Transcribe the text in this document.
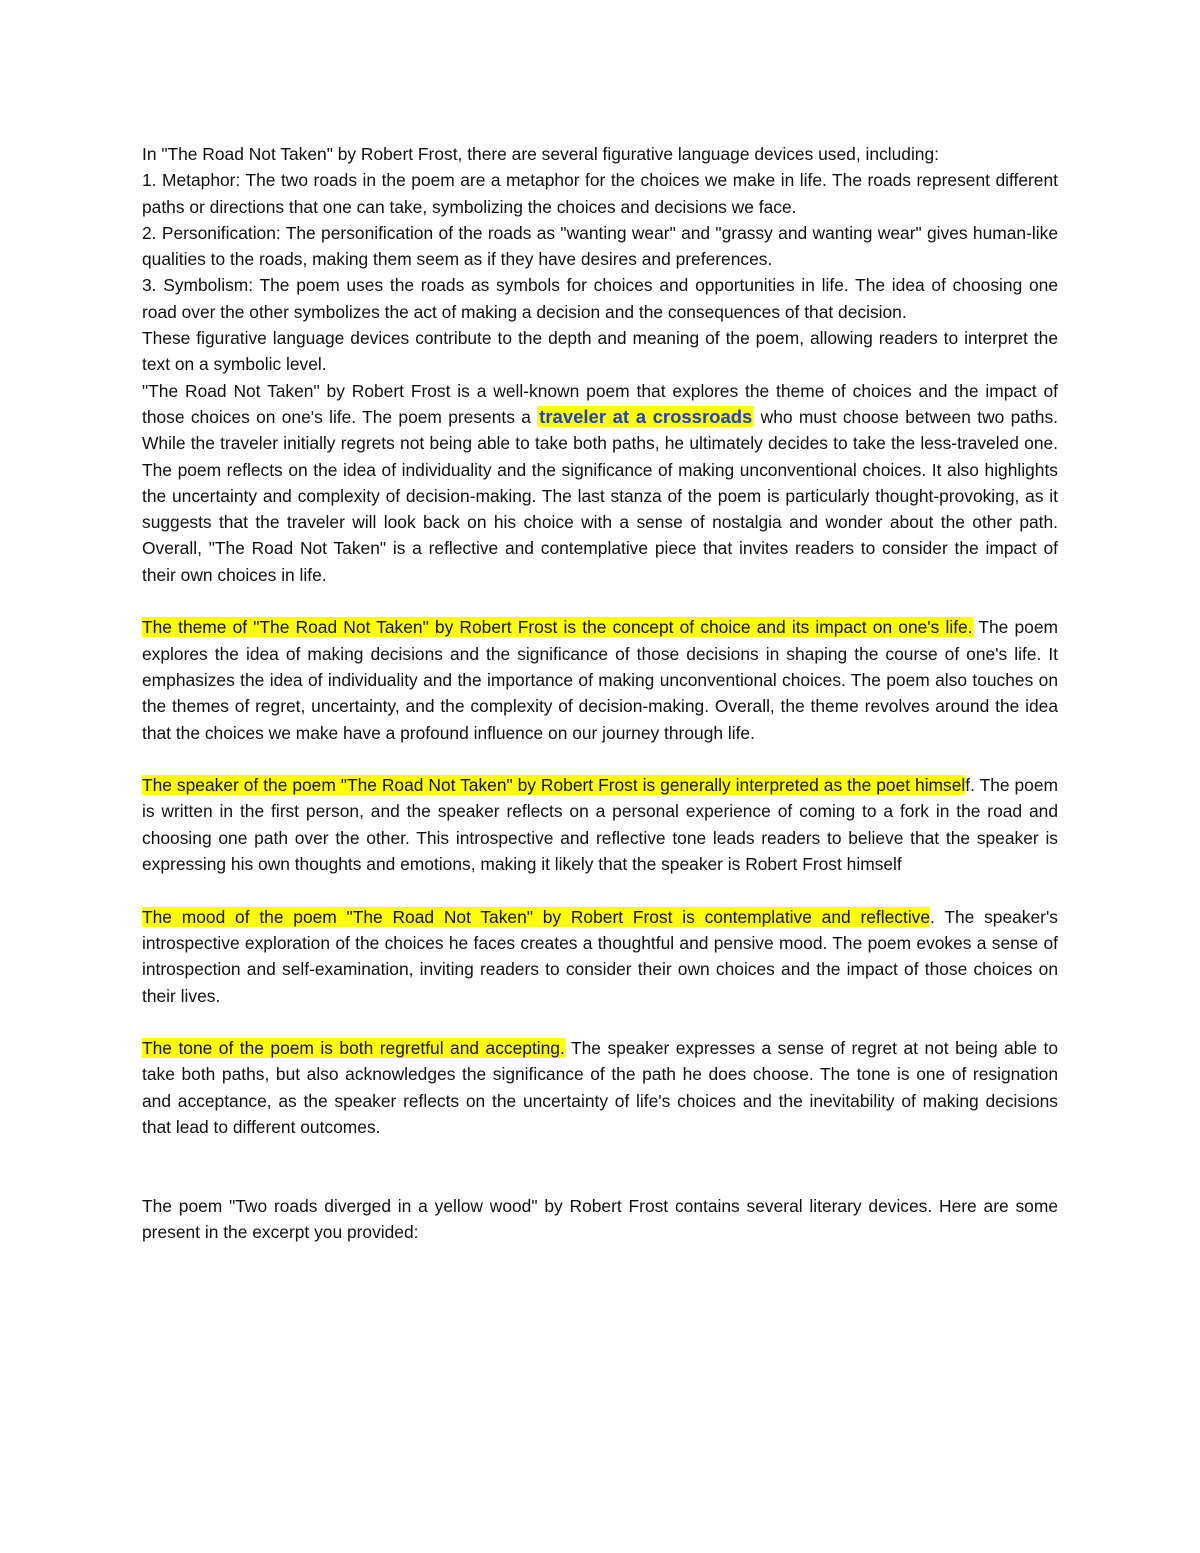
In "The Road Not Taken" by Robert Frost, there are several figurative language devices used, including:

1. Metaphor: The two roads in the poem are a metaphor for the choices we make in life. The roads represent different paths or directions that one can take, symbolizing the choices and decisions we face.

2. Personification: The personification of the roads as "wanting wear" and "grassy and wanting wear" gives human-like qualities to the roads, making them seem as if they have desires and preferences.

3. Symbolism: The poem uses the roads as symbols for choices and opportunities in life. The idea of choosing one road over the other symbolizes the act of making a decision and the consequences of that decision.

These figurative language devices contribute to the depth and meaning of the poem, allowing readers to interpret the text on a symbolic level.

"The Road Not Taken" by Robert Frost is a well-known poem that explores the theme of choices and the impact of those choices on one's life. The poem presents a traveler at a crossroads who must choose between two paths. While the traveler initially regrets not being able to take both paths, he ultimately decides to take the less-traveled one. The poem reflects on the idea of individuality and the significance of making unconventional choices. It also highlights the uncertainty and complexity of decision-making. The last stanza of the poem is particularly thought-provoking, as it suggests that the traveler will look back on his choice with a sense of nostalgia and wonder about the other path. Overall, "The Road Not Taken" is a reflective and contemplative piece that invites readers to consider the impact of their own choices in life.

The theme of "The Road Not Taken" by Robert Frost is the concept of choice and its impact on one's life. The poem explores the idea of making decisions and the significance of those decisions in shaping the course of one's life. It emphasizes the idea of individuality and the importance of making unconventional choices. The poem also touches on the themes of regret, uncertainty, and the complexity of decision-making. Overall, the theme revolves around the idea that the choices we make have a profound influence on our journey through life.

The speaker of the poem "The Road Not Taken" by Robert Frost is generally interpreted as the poet himself. The poem is written in the first person, and the speaker reflects on a personal experience of coming to a fork in the road and choosing one path over the other. This introspective and reflective tone leads readers to believe that the speaker is expressing his own thoughts and emotions, making it likely that the speaker is Robert Frost himself

The mood of the poem "The Road Not Taken" by Robert Frost is contemplative and reflective. The speaker's introspective exploration of the choices he faces creates a thoughtful and pensive mood. The poem evokes a sense of introspection and self-examination, inviting readers to consider their own choices and the impact of those choices on their lives.

The tone of the poem is both regretful and accepting. The speaker expresses a sense of regret at not being able to take both paths, but also acknowledges the significance of the path he does choose. The tone is one of resignation and acceptance, as the speaker reflects on the uncertainty of life's choices and the inevitability of making decisions that lead to different outcomes.

The poem "Two roads diverged in a yellow wood" by Robert Frost contains several literary devices. Here are some present in the excerpt you provided:
